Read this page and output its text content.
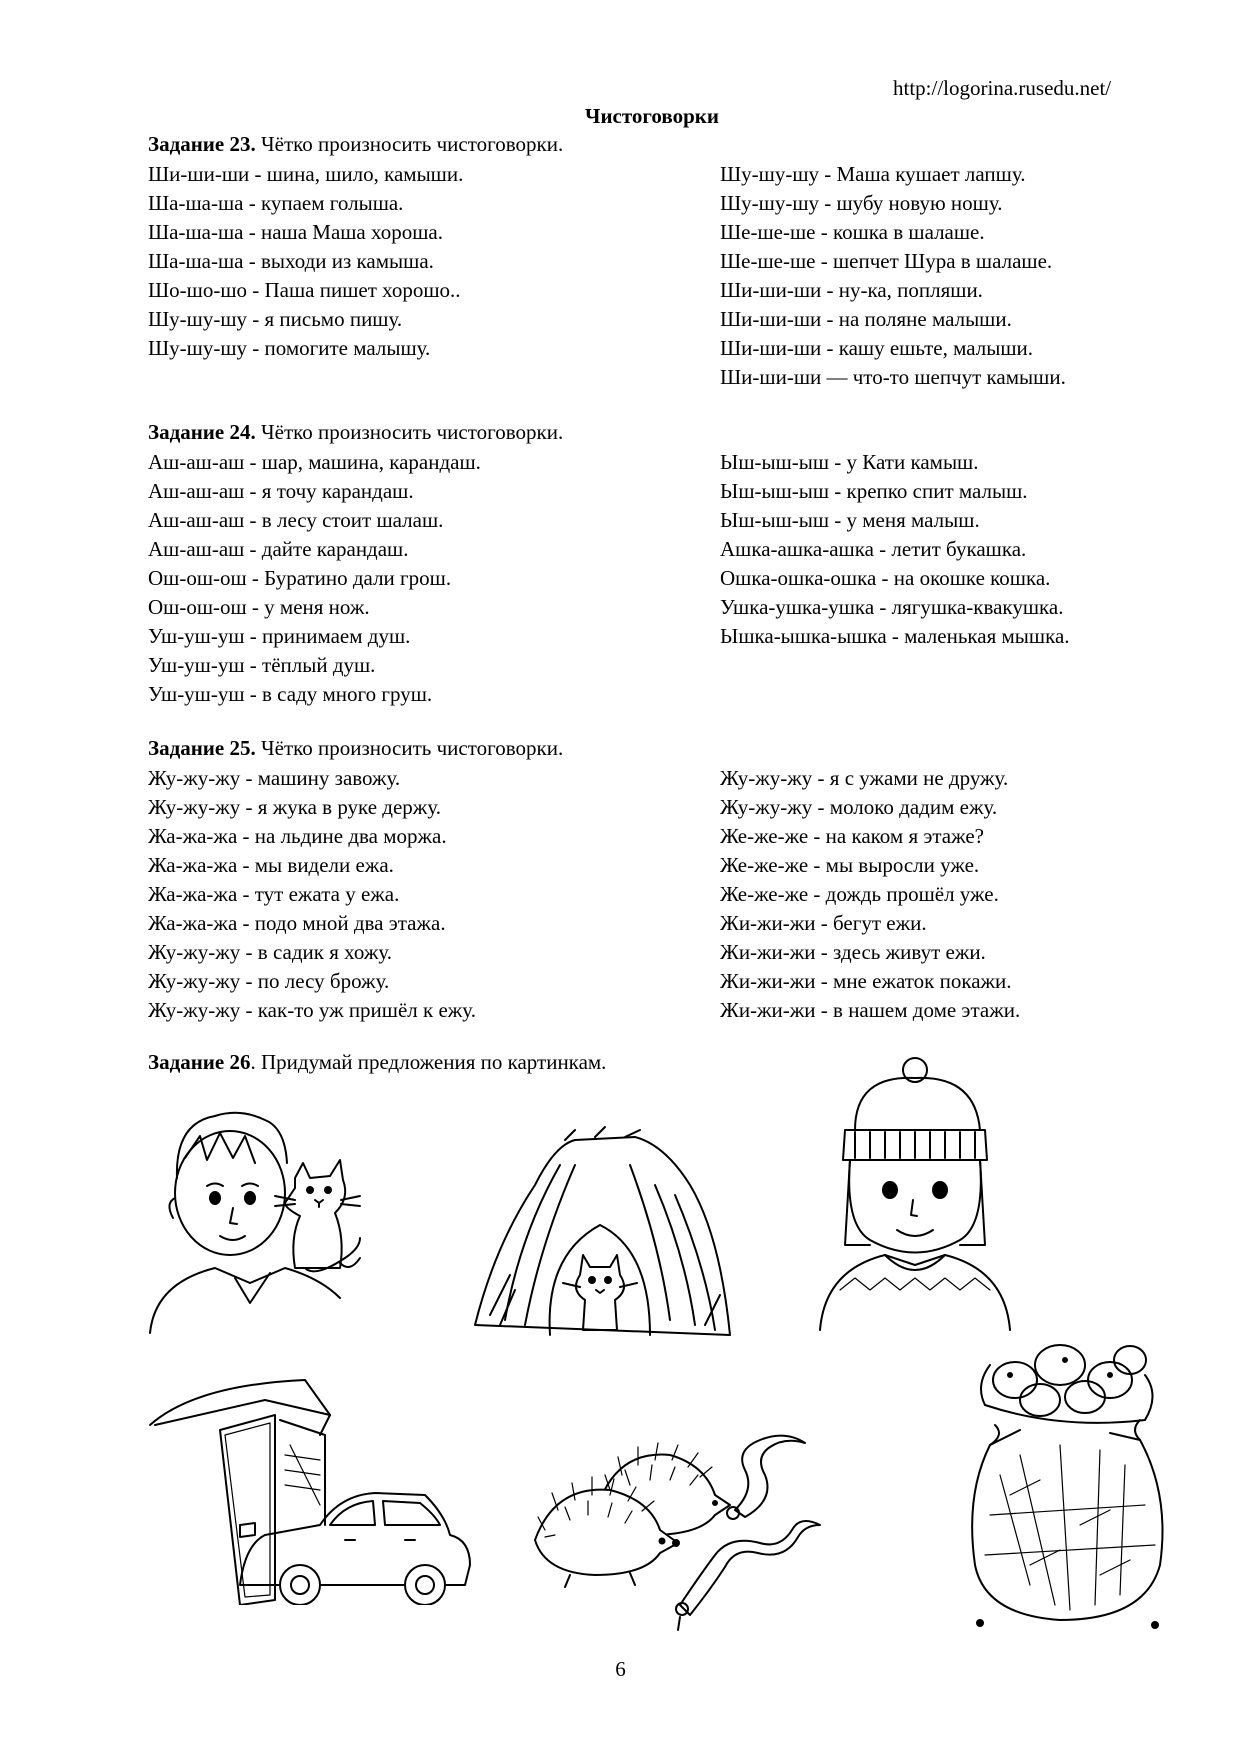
http://logorina.rusedu.net/
Чистоговорки
Задание 23. Чётко произносить чистоговорки.
Ши-ши-ши - шина, шило, камыши.
Ша-ша-ша - купаем голыша.
Ша-ша-ша - наша Маша хороша.
Ша-ша-ша - выходи из камыша.
Шо-шо-шо - Паша пишет хорошо..
Шу-шу-шу - я письмо пишу.
Шу-шу-шу - помогите малышу.
Шу-шу-шу - Маша кушает лапшу.
Шу-шу-шу - шубу новую ношу.
Ше-ше-ше - кошка в шалаше.
Ше-ше-ше - шепчет Шура в шалаше.
Ши-ши-ши - ну-ка, попляши.
Ши-ши-ши - на поляне малыши.
Ши-ши-ши - кашу ешьте, малыши.
Ши-ши-ши — что-то шепчут камыши.
Задание 24. Чётко произносить чистоговорки.
Аш-аш-аш - шар, машина, карандаш.
Аш-аш-аш - я точу карандаш.
Аш-аш-аш - в лесу стоит шалаш.
Аш-аш-аш - дайте карандаш.
Ош-ош-ош - Буратино дали грош.
Ош-ош-ош - у меня нож.
Уш-уш-уш - принимаем душ.
Уш-уш-уш - тёплый душ.
Уш-уш-уш - в саду много груш.
Ыш-ыш-ыш - у Кати камыш.
Ыш-ыш-ыш - крепко спит малыш.
Ыш-ыш-ыш - у меня малыш.
Ашка-ашка-ашка - летит букашка.
Ошка-ошка-ошка - на окошке кошка.
Ушка-ушка-ушка - лягушка-квакушка.
Ышка-ышка-ышка - маленькая мышка.
Задание 25. Чётко произносить чистоговорки.
Жу-жу-жу - машину завожу.
Жу-жу-жу - я жука в руке держу.
Жа-жа-жа - на льдине два моржа.
Жа-жа-жа - мы видели ежа.
Жа-жа-жа - тут ежата у ежа.
Жа-жа-жа - подо мной два этажа.
Жу-жу-жу - в садик я хожу.
Жу-жу-жу - по лесу брожу.
Жу-жу-жу - как-то уж пришёл к ежу.
Жу-жу-жу - я с ужами не дружу.
Жу-жу-жу - молоко дадим ежу.
Же-же-же - на каком я этаже?
Же-же-же - мы выросли уже.
Же-же-же - дождь прошёл уже.
Жи-жи-жи - бегут ежи.
Жи-жи-жи - здесь живут ежи.
Жи-жи-жи - мне ежаток покажи.
Жи-жи-жи - в нашем доме этажи.
Задание 26. Придумай предложения по картинкам.
6
